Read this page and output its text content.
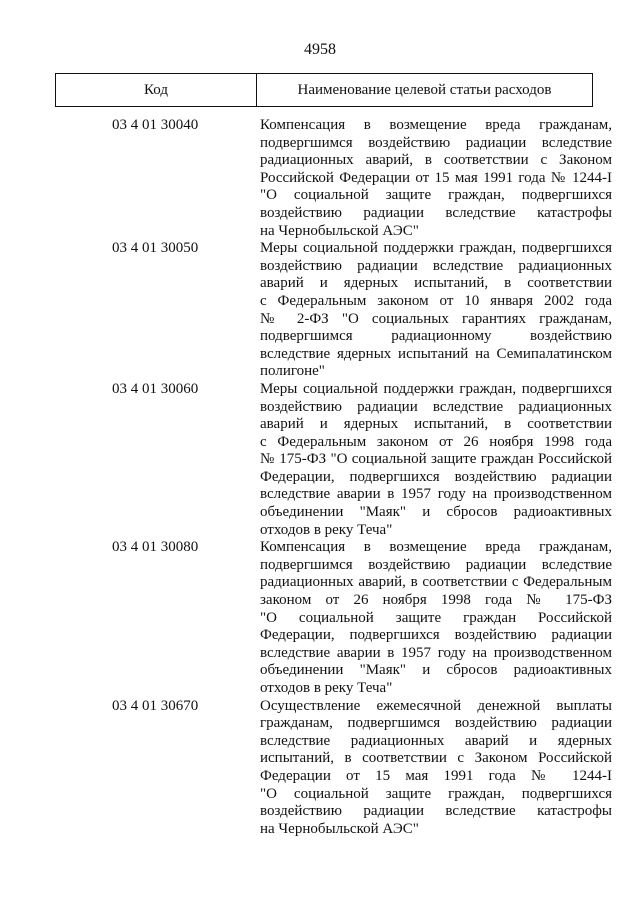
4958
Код	Наименование целевой статьи расходов
03 4 01 30040	Компенсация в возмещение вреда гражданам,
подвергшимся воздействию радиации вследствие
радиационных аварий, в соответствии с Законом
Российской Федерации от 15 мая 1991 года № 1244-I
"О социальной защите граждан, подвергшихся
воздействию радиации вследствие катастрофы
на Чернобыльской АЭС"
03 4 01 30050	Меры социальной поддержки граждан, подвергшихся
воздействию радиации вследствие радиационных
аварий и ядерных испытаний, в соответствии
с Федеральным законом от 10 января 2002 года
№ 2-ФЗ "О социальных гарантиях гражданам,
подвергшимся радиационному воздействию
вследствие ядерных испытаний на Семипалатинском
полигоне"
03 4 01 30060	Меры социальной поддержки граждан, подвергшихся
воздействию радиации вследствие радиационных
аварий и ядерных испытаний, в соответствии
с Федеральным законом от 26 ноября 1998 года
№ 175-ФЗ "О социальной защите граждан Российской
Федерации, подвергшихся воздействию радиации
вследствие аварии в 1957 году на производственном
объединении "Маяк" и сбросов радиоактивных
отходов в реку Теча"
03 4 01 30080	Компенсация в возмещение вреда гражданам,
подвергшимся воздействию радиации вследствие
радиационных аварий, в соответствии с Федеральным
законом от 26 ноября 1998 года № 175-ФЗ
"О социальной защите граждан Российской
Федерации, подвергшихся воздействию радиации
вследствие аварии в 1957 году на производственном
объединении "Маяк" и сбросов радиоактивных
отходов в реку Теча"
03 4 01 30670	Осуществление ежемесячной денежной выплаты
гражданам, подвергшимся воздействию радиации
вследствие радиационных аварий и ядерных
испытаний, в соответствии с Законом Российской
Федерации от 15 мая 1991 года № 1244-I
"О социальной защите граждан, подвергшихся
воздействию радиации вследствие катастрофы
на Чернобыльской АЭС"
